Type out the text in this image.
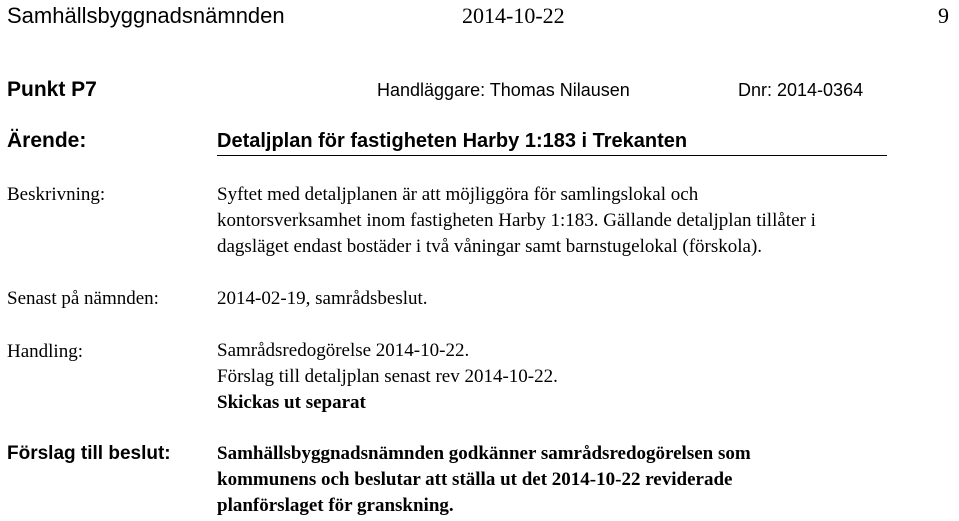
Samhällsbyggnadsnämnden	2014-10-22	9
Punkt P7	Handläggare: Thomas Nilausen	Dnr: 2014-0364
Ärende:	Detaljplan för fastigheten Harby 1:183 i Trekanten
Beskrivning:	Syftet med detaljplanen är att möjliggöra för samlingslokal och
kontorsverksamhet inom fastigheten Harby 1:183. Gällande detaljplan tillåter i
dagsläget endast bostäder i två våningar samt barnstugelokal (förskola).
Senast på nämnden:	2014-02-19, samrådsbeslut.
Handling:	Samrådsredogörelse 2014-10-22.
Förslag till detaljplan senast rev 2014-10-22.
Skickas ut separat
Förslag till beslut: Samhällsbyggnadsnämnden godkänner samrådsredogörelsen som
kommunens och beslutar att ställa ut det 2014-10-22 reviderade
planförslaget för granskning.
